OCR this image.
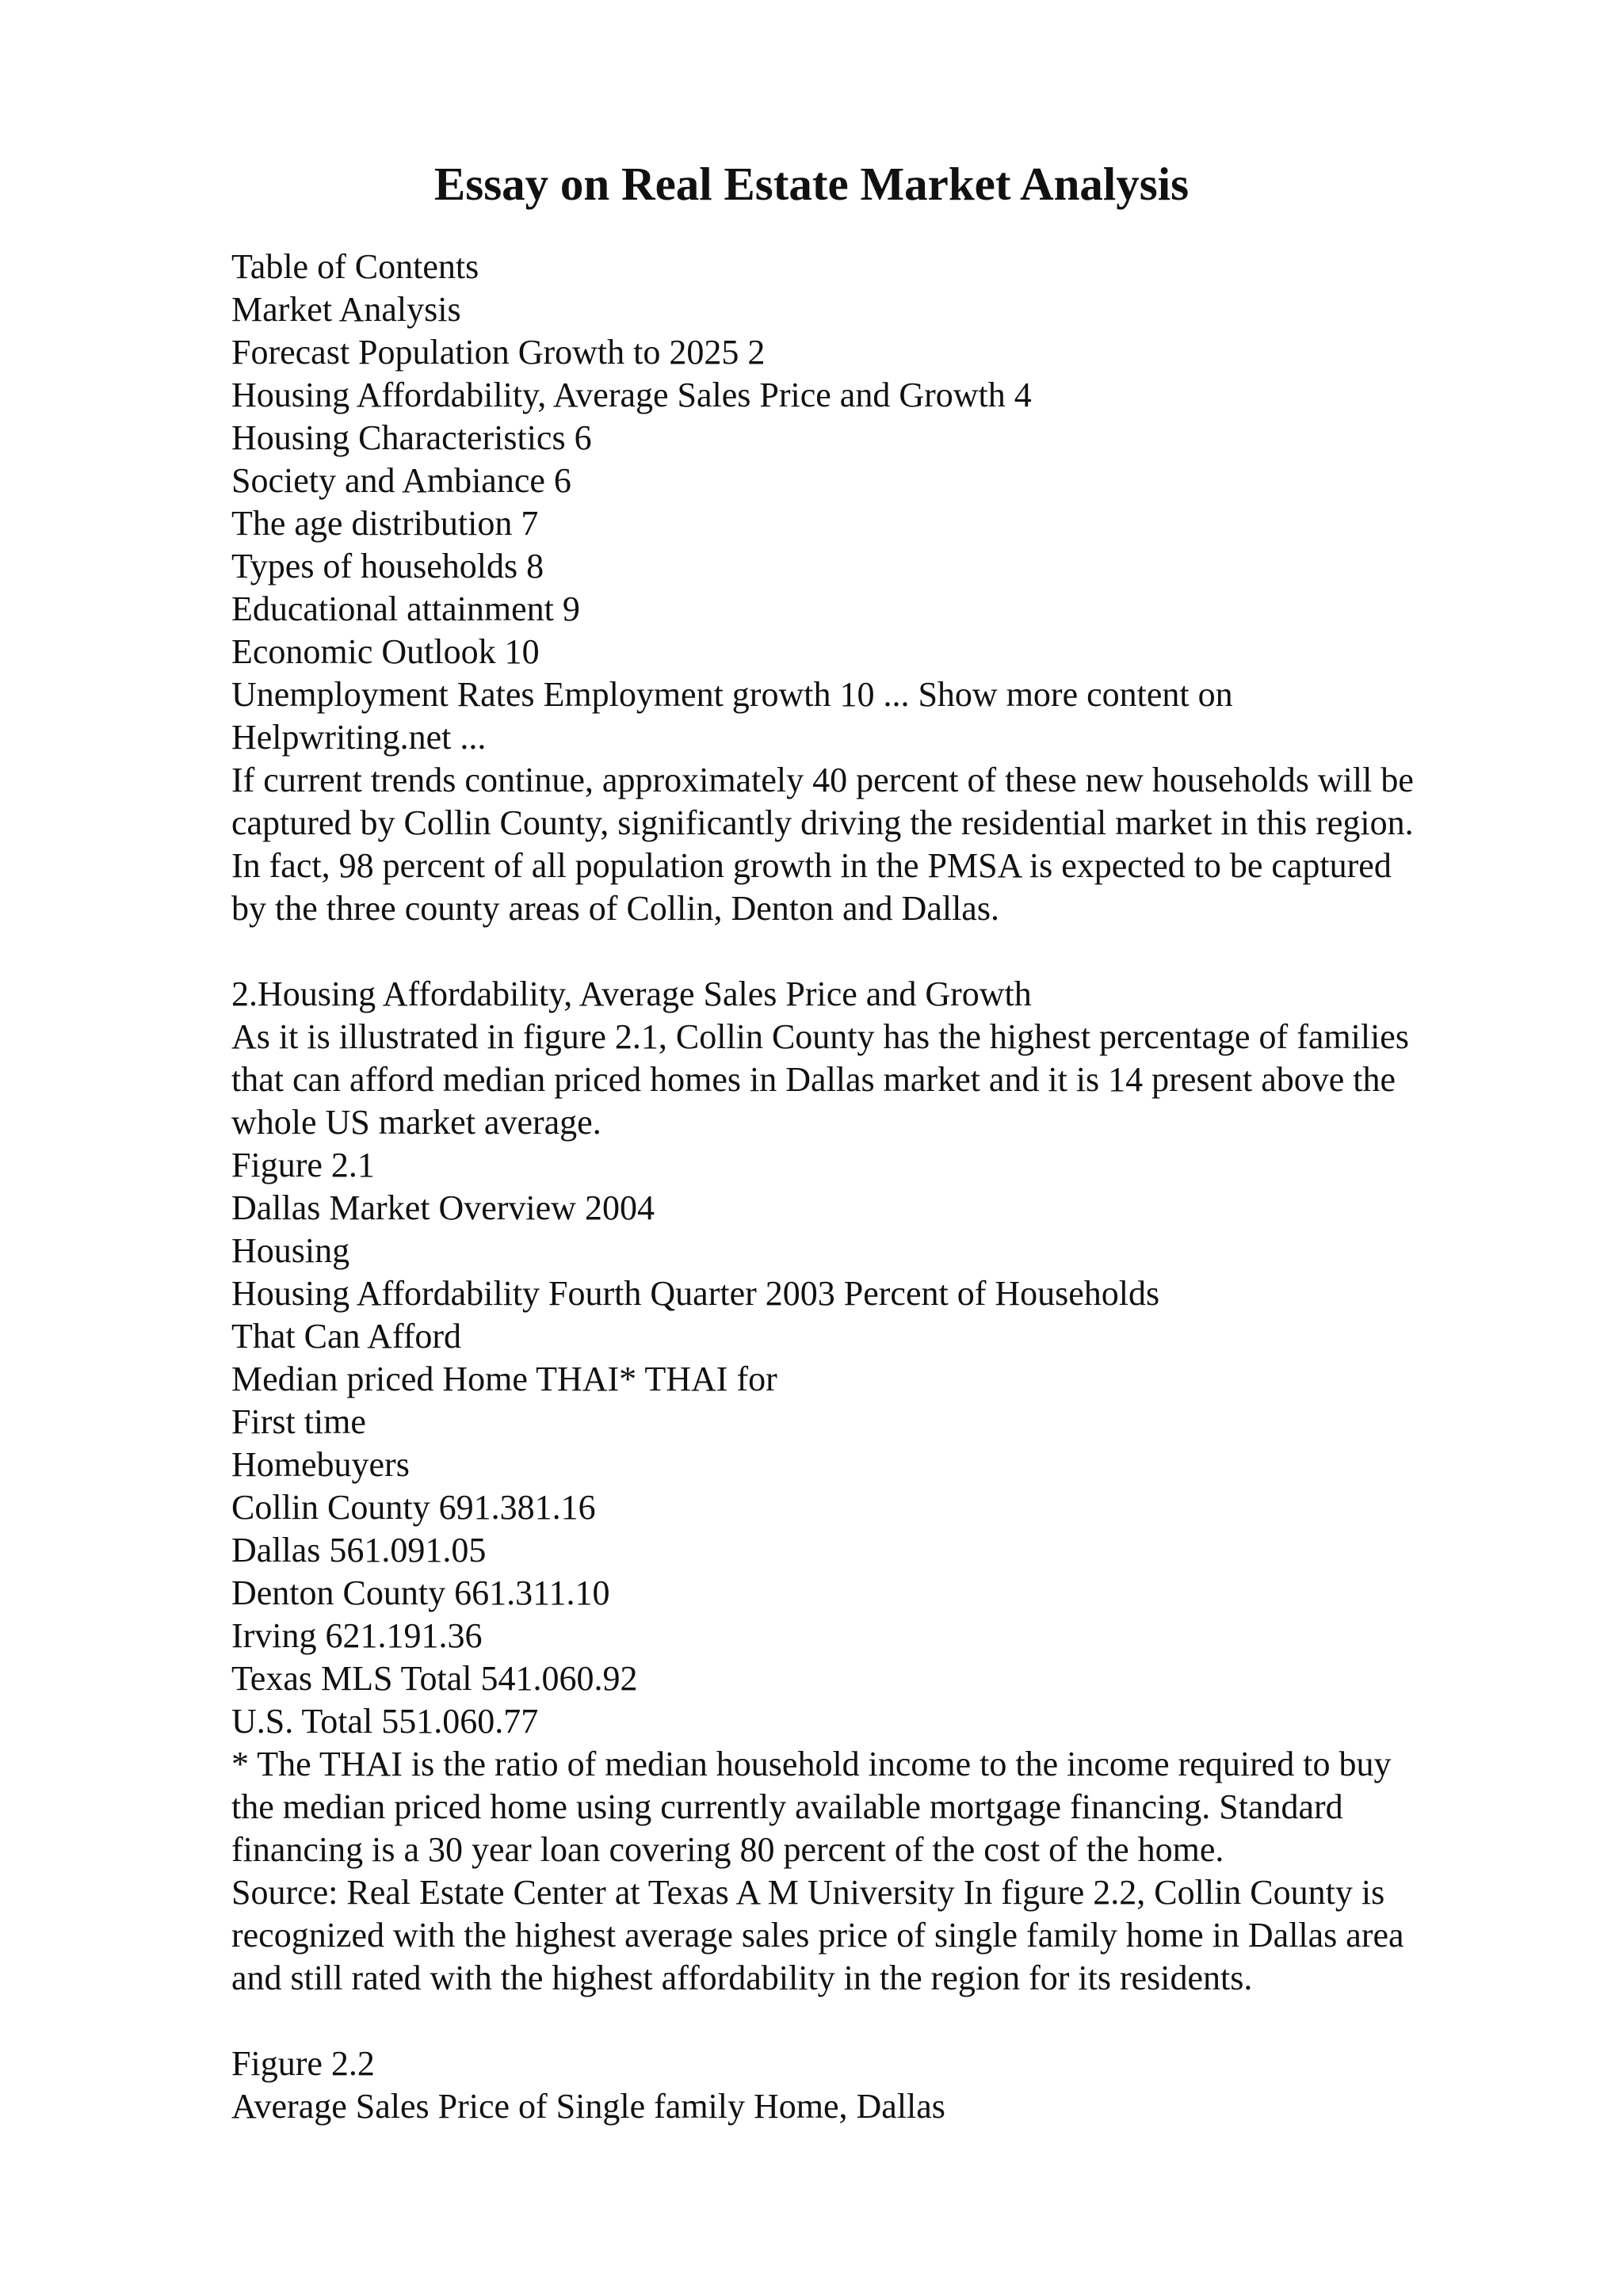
Essay on Real Estate Market Analysis
Table of Contents
Market Analysis
Forecast Population Growth to 2025 2
Housing Affordability, Average Sales Price and Growth 4
Housing Characteristics 6
Society and Ambiance 6
The age distribution 7
Types of households 8
Educational attainment 9
Economic Outlook 10
Unemployment Rates Employment growth 10 ... Show more content on
Helpwriting.net ...
If current trends continue, approximately 40 percent of these new households will be
captured by Collin County, significantly driving the residential market in this region.
In fact, 98 percent of all population growth in the PMSA is expected to be captured
by the three county areas of Collin, Denton and Dallas.
2.Housing Affordability, Average Sales Price and Growth
As it is illustrated in figure 2.1, Collin County has the highest percentage of families
that can afford median priced homes in Dallas market and it is 14 present above the
whole US market average.
Figure 2.1
Dallas Market Overview 2004
Housing
Housing Affordability Fourth Quarter 2003 Percent of Households
That Can Afford
Median priced Home THAI* THAI for
First time
Homebuyers
Collin County 691.381.16
Dallas 561.091.05
Denton County 661.311.10
Irving 621.191.36
Texas MLS Total 541.060.92
U.S. Total 551.060.77
* The THAI is the ratio of median household income to the income required to buy
the median priced home using currently available mortgage financing. Standard
financing is a 30 year loan covering 80 percent of the cost of the home.
Source: Real Estate Center at Texas A M University In figure 2.2, Collin County is
recognized with the highest average sales price of single family home in Dallas area
and still rated with the highest affordability in the region for its residents.
Figure 2.2
Average Sales Price of Single family Home, Dallas
